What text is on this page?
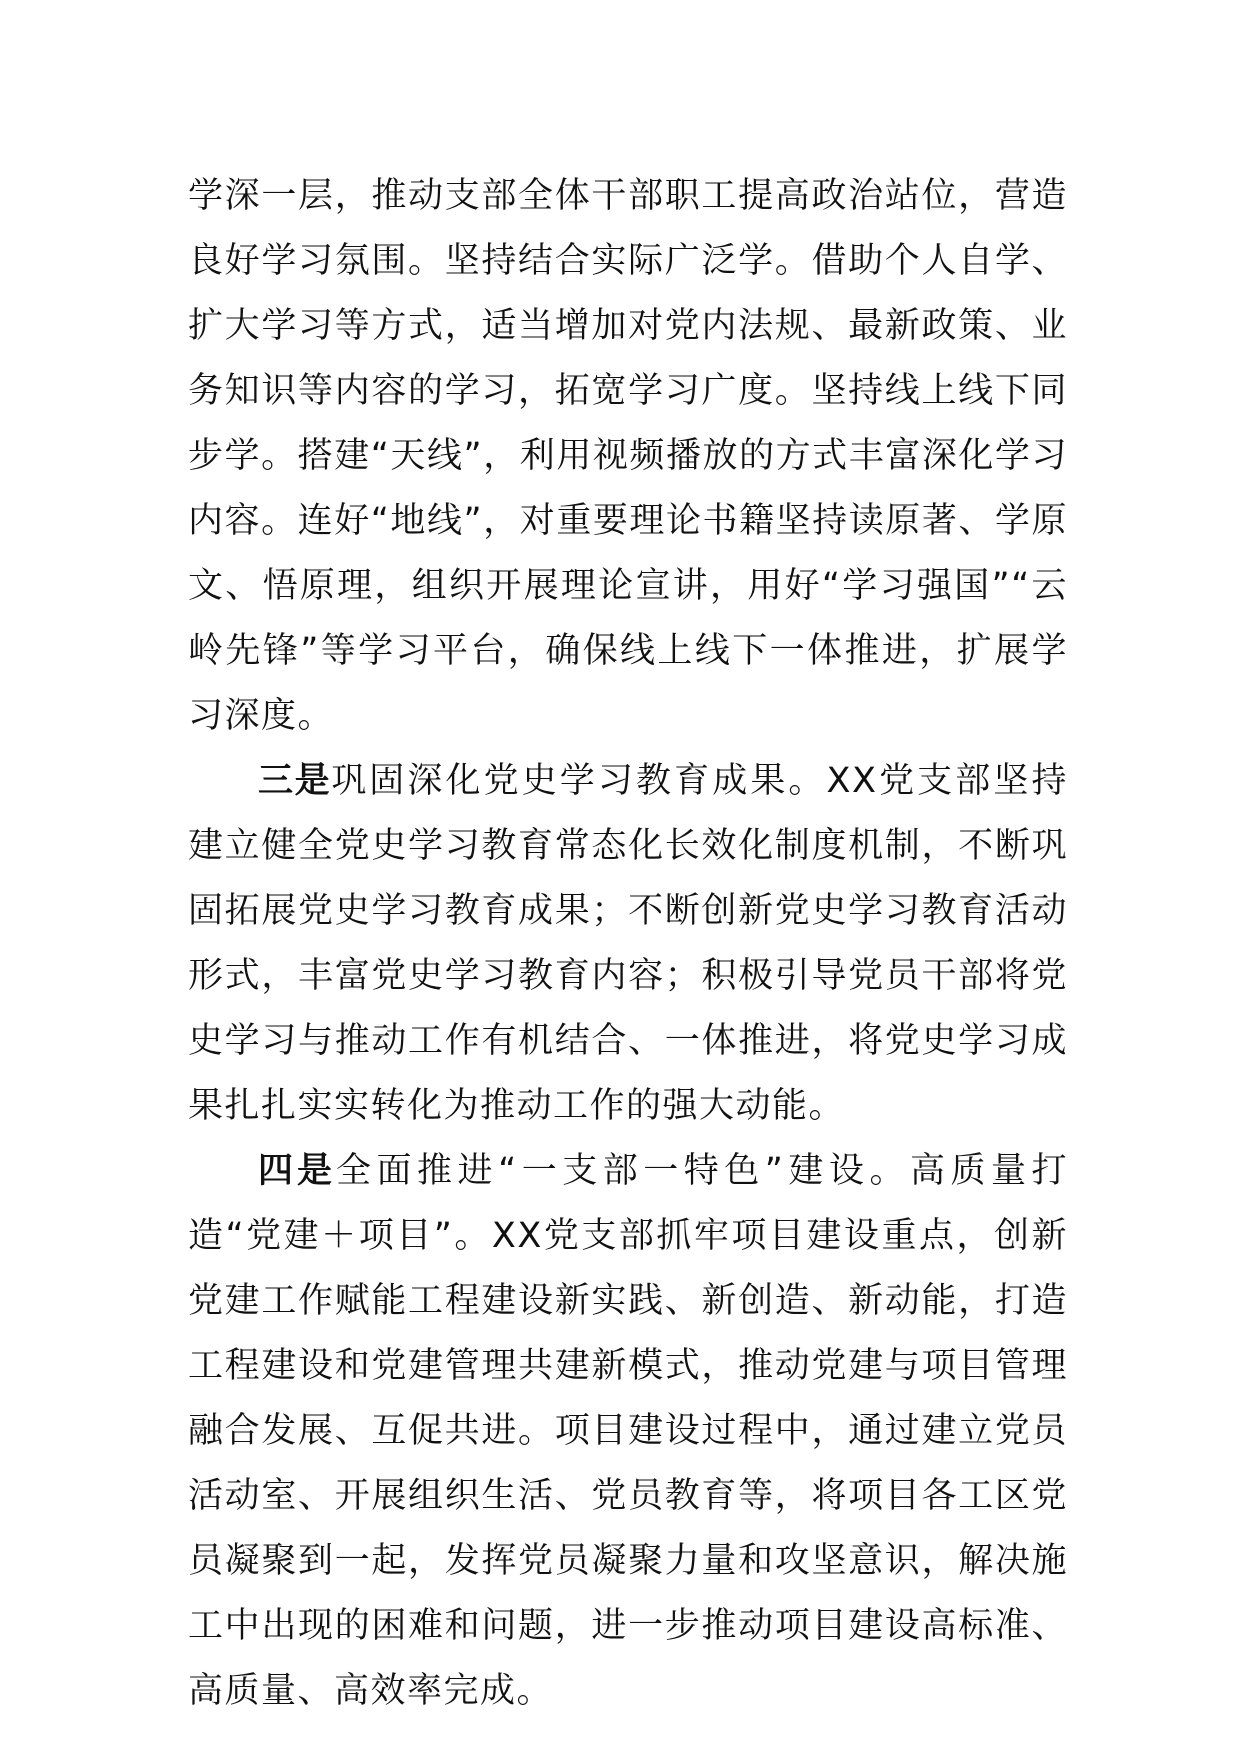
学深一层，推动支部全体干部职工提高政治站位，营造良好学习氛围。坚持结合实际广泛学。借助个人自学、扩大学习等方式，适当增加对党内法规、最新政策、业务知识等内容的学习，拓宽学习广度。坚持线上线下同步学。搭建“天线”，利用视频播放的方式丰富深化学习内容。连好“地线”，对重要理论书籍坚持读原著、学原文、悟原理，组织开展理论宣讲，用好“学习强国”“云岭先锋”等学习平台，确保线上线下一体推进，扩展学习深度。

三是巩固深化党史学习教育成果。XX党支部坚持建立健全党史学习教育常态化长效化制度机制，不断巩固拓展党史学习教育成果；不断创新党史学习教育活动形式，丰富党史学习教育内容；积极引导党员干部将党史学习与推动工作有机结合、一体推进，将党史学习成果扎扎实实转化为推动工作的强大动能。

四是全面推进“一支部一特色”建设。高质量打造“党建＋项目”。XX党支部抓牢项目建设重点，创新党建工作赋能工程建设新实践、新创造、新动能，打造工程建设和党建管理共建新模式，推动党建与项目管理融合发展、互促共进。项目建设过程中，通过建立党员活动室、开展组织生活、党员教育等，将项目各工区党员凝聚到一起，发挥党员凝聚力量和攻坚意识，解决施工中出现的困难和问题，进一步推动项目建设高标准、高质量、高效率完成。
